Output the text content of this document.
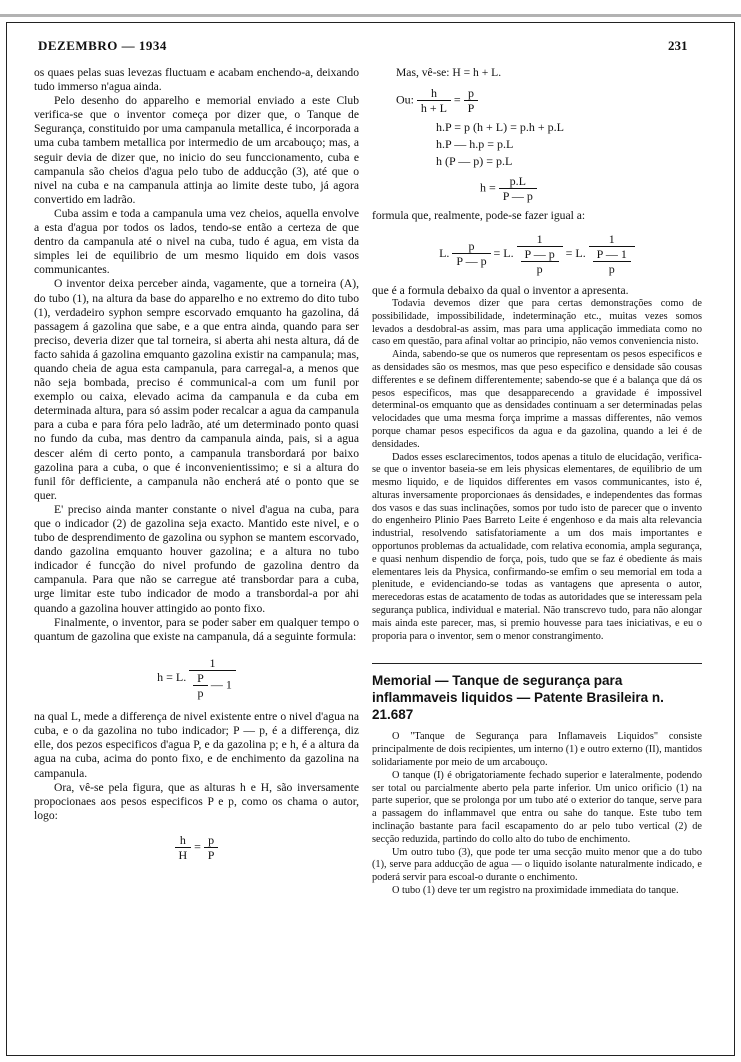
DEZEMBRO — 1934	231

os quaes pelas suas levezas fluctuam e acabam enchendo-a, deixando tudo immerso n'agua ainda.

Pelo desenho do apparelho e memorial enviado a este Club verifica-se que o inventor começa por dizer que, o Tanque de Segurança, constituido por uma campanula metallica, é incorporada a uma cuba tambem metallica por intermedio de um arcabouço; mas, a seguir devia de dizer que, no inicio do seu funccionamento, cuba e campanula são cheios d'agua pelo tubo de adducção (3), até que o nivel na cuba e na campanula attinja ao limite deste tubo, já agora convertido em ladrão.

Cuba assim e toda a campanula uma vez cheios, aquella envolve a esta d'agua por todos os lados, tendo-se então a certeza de que dentro da campanula até o nivel na cuba, tudo é agua, em vista da simples lei de equilibrio de um mesmo liquido em dois vasos communicantes.

O inventor deixa perceber ainda, vagamente, que a torneira (A), do tubo (1), na altura da base do apparelho e no extremo do dito tubo (1), verdadeiro syphon sempre escorvado emquanto ha gazolina, dá passagem á gazolina que sabe, e a que entra ainda, quando para ser preciso, deveria dizer que tal torneira, si aberta ahi nesta altura, dá de facto sahida á gazolina emquanto gazolina existir na campanula; mas, quando cheia de agua esta campanula, para carregal-a, a menos que não seja bombada, preciso é communical-a com um funil por exemplo ou caixa, elevado acima da campanula e da cuba em determinada altura, para só assim poder recalcar a agua da campanula para a cuba e para fóra pelo ladrão, até um determinado ponto quasi no fundo da cuba, mas dentro da campanula ainda, pais, si a agua descer além di certo ponto, a campanula transbordará por baixo gazolina para a cuba, o que é inconvenientissimo; e si a altura do funil fôr defficiente, a campanula não encherá até o ponto que se quer.

E' preciso ainda manter constante o nivel d'agua na cuba, para que o indicador (2) de gazolina seja exacto. Mantido este nivel, e o tubo de desprendimento de gazolina ou syphon se mantem escorvado, dando gazolina emquanto houver gazolina; e a altura no tubo indicador é funcção do nivel profundo de gazolina dentro da campanula. Para que não se carregue até transbordar para a cuba, urge limitar este tubo indicador de modo a transbordal-a por ahi quando a gazolina houver attingido ao ponto fixo.

Finalmente, o inventor, para se poder saber em qualquer tempo o quantum de gazolina que existe na campanula, dá a seguinte formula:

h = L. $\frac{1}{\frac{P}{p} — 1}$

na qual L, mede a differença de nivel existente entre o nivel d'agua na cuba, e o da gazolina no tubo indicador; P — p, é a differença, diz elle, dos pezos especificos d'agua P, e da gazolina p; e h, é a altura da agua na cuba, acima do ponto fixo, e de enchimento da gazolina na campanula.

Ora, vê-se pela figura, que as alturas h e H, são inversamente propocionaes aos pesos especificos P e p, como os chama o autor, logo:

$\frac{h}{H} = \frac{p}{P}$

Mas, vê-se: H = h + L.

Ou: $\frac{h}{h + L} = \frac{p}{P}$
h.P = p (h + L) = p.h + p.L
h.P — h.p = p.L
h (P — p) = p.L
$h = \frac{p.L}{P — p}$

formula que, realmente, pode-se fazer igual a:

L. $\frac{p}{P — p} = L$. $\frac{1}{\frac{P — p}{p}} = L$. $\frac{1}{\frac{P — 1}{p}}$

que é a formula debaixo da qual o inventor a apresenta.

Todavia devemos dizer que para certas demonstrações como de possibilidade, impossibilidade, indeterminação etc., muitas vezes somos levados a desdobral-as assim, mas para uma applicação immediata como no caso em questão, para afinal voltar ao principio, não vemos conveniencia nisto.

Ainda, sabendo-se que os numeros que representam os pesos especificos e as densidades são os mesmos, mas que peso especifico e densidade são cousas differentes e se definem differentemente; sabendo-se que é a balança que dá os pesos especificos, mas que desapparecendo a gravidade é impossivel determinal-os emquanto que as densidades continuam a ser determinadas pelas velocidades que uma mesma força imprime a massas differentes, não vemos porque chamar pesos especificos da agua e da gazolina, quando a lei é de densidades.

Dados esses esclarecimentos, todos apenas a titulo de elucidação, verifica-se que o inventor baseia-se em leis physicas elementares, de equilibrio de um mesmo liquido, e de liquidos differentes em vasos communicantes, isto é, alturas inversamente proporcionaes ás densidades, e independentes das formas dos vasos e das suas inclinações, somos por tudo isto de parecer que o invento do engenheiro Plinio Paes Barreto Leite é engenhoso e da mais alta relevancia industrial, resolvendo satisfatoriamente a um dos mais importantes e opportunos problemas da actualidade, com relativa economia, ampla segurança, e quasi nenhum dispendio de força, pois, tudo que se faz é obediente ás mais elementares leis da Physica, confirmando-se emfim o seu memorial em toda a plenitude, e evidenciando-se todas as vantagens que apresenta o autor, merecedoras estas de acatamento de todas as autoridades que se interessam pela segurança publica, individual e material. Não transcrevo tudo, para não alongar mais ainda este parecer, mas, si premio houvesse para taes iniciativas, e eu o proporia para o inventor, sem o menor constrangimento.

Memorial — Tanque de segurança para inflammaveis liquidos — Patente Brasileira n. 21.687

O "Tanque de Segurança para Inflamaveis Liquidos" consiste principalmente de dois recipientes, um interno (1) e outro externo (II), mantidos solidariamente por meio de um arcabouço.

O tanque (I) é obrigatoriamente fechado superior e lateralmente, podendo ser total ou parcialmente aberto pela parte inferior. Um unico orificio (1) na parte superior, que se prolonga por um tubo até o exterior do tanque, serve para a passagem do inflammavel que entra ou sahe do tanque. Este tubo tem inclinação bastante para facil escapamento do ar pelo tubo vertical (2) de secção reduzida, partindo do collo alto do tubo de enchimento.

Um outro tubo (3), que pode ter uma secção muito menor que a do tubo (1), serve para adducção de agua — o liquido isolante naturalmente indicado, e poderá servir para escoal-o durante o enchimento.

O tubo (1) deve ter um registro na proximidade immediata do tanque.
